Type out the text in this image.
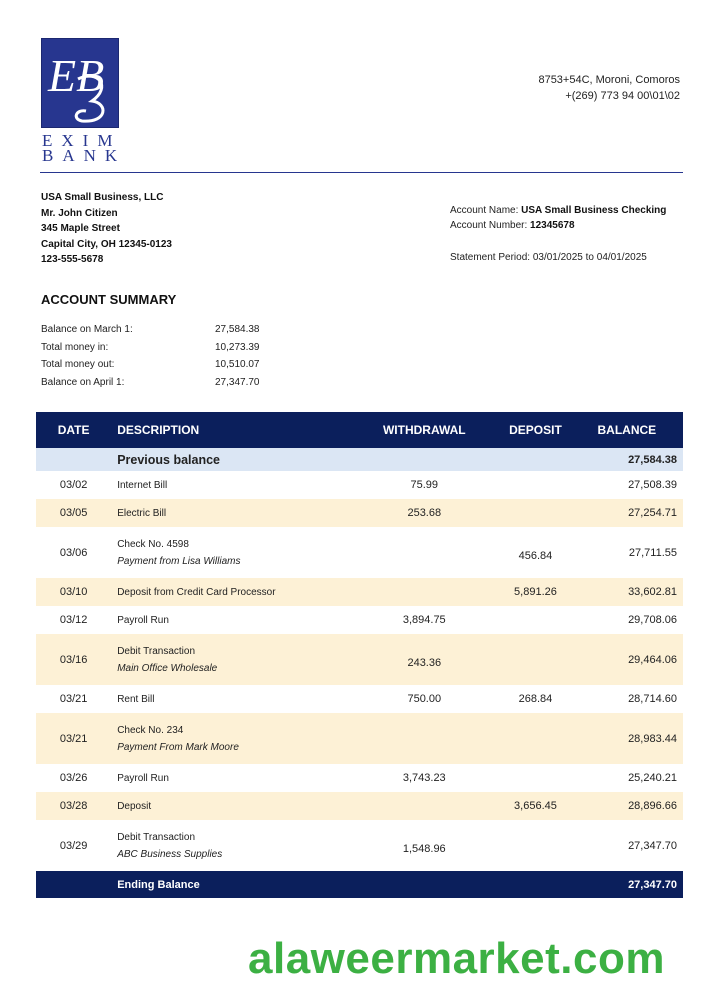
EB
EXIM
BANK
8753+54C, Moroni, Comoros
+(269) 773 94 00\01\02
USA Small Business, LLC
Mr. John Citizen
345 Maple Street
Capital City, OH 12345-0123
123-555-5678
Account Name: USA Small Business Checking
Account Number: 12345678
Statement Period: 03/01/2025 to 04/01/2025
ACCOUNT SUMMARY
Balance on March 1:	27,584.38
Total money in:	10,273.39
Total money out:	10,510.07
Balance on April 1:	27,347.70
DATE	DESCRIPTION	WITHDRAWAL	DEPOSIT	BALANCE
	Previous balance			27,584.38
03/02	Internet Bill	75.99		27,508.39
03/05	Electric Bill	253.68		27,254.71
03/06	Check No. 4598
Payment from Lisa Williams		456.84	27,711.55
03/10	Deposit from Credit Card Processor		5,891.26	33,602.81
03/12	Payroll Run	3,894.75		29,708.06
03/16	Debit Transaction
Main Office Wholesale	243.36		29,464.06
03/21	Rent Bill	750.00	268.84	28,714.60
03/21	Check No. 234
Payment From Mark Moore			28,983.44
03/26	Payroll Run	3,743.23		25,240.21
03/28	Deposit		3,656.45	28,896.66
03/29	Debit Transaction
ABC Business Supplies	1,548.96		27,347.70
	Ending Balance			27,347.70
alaweermarket.com
